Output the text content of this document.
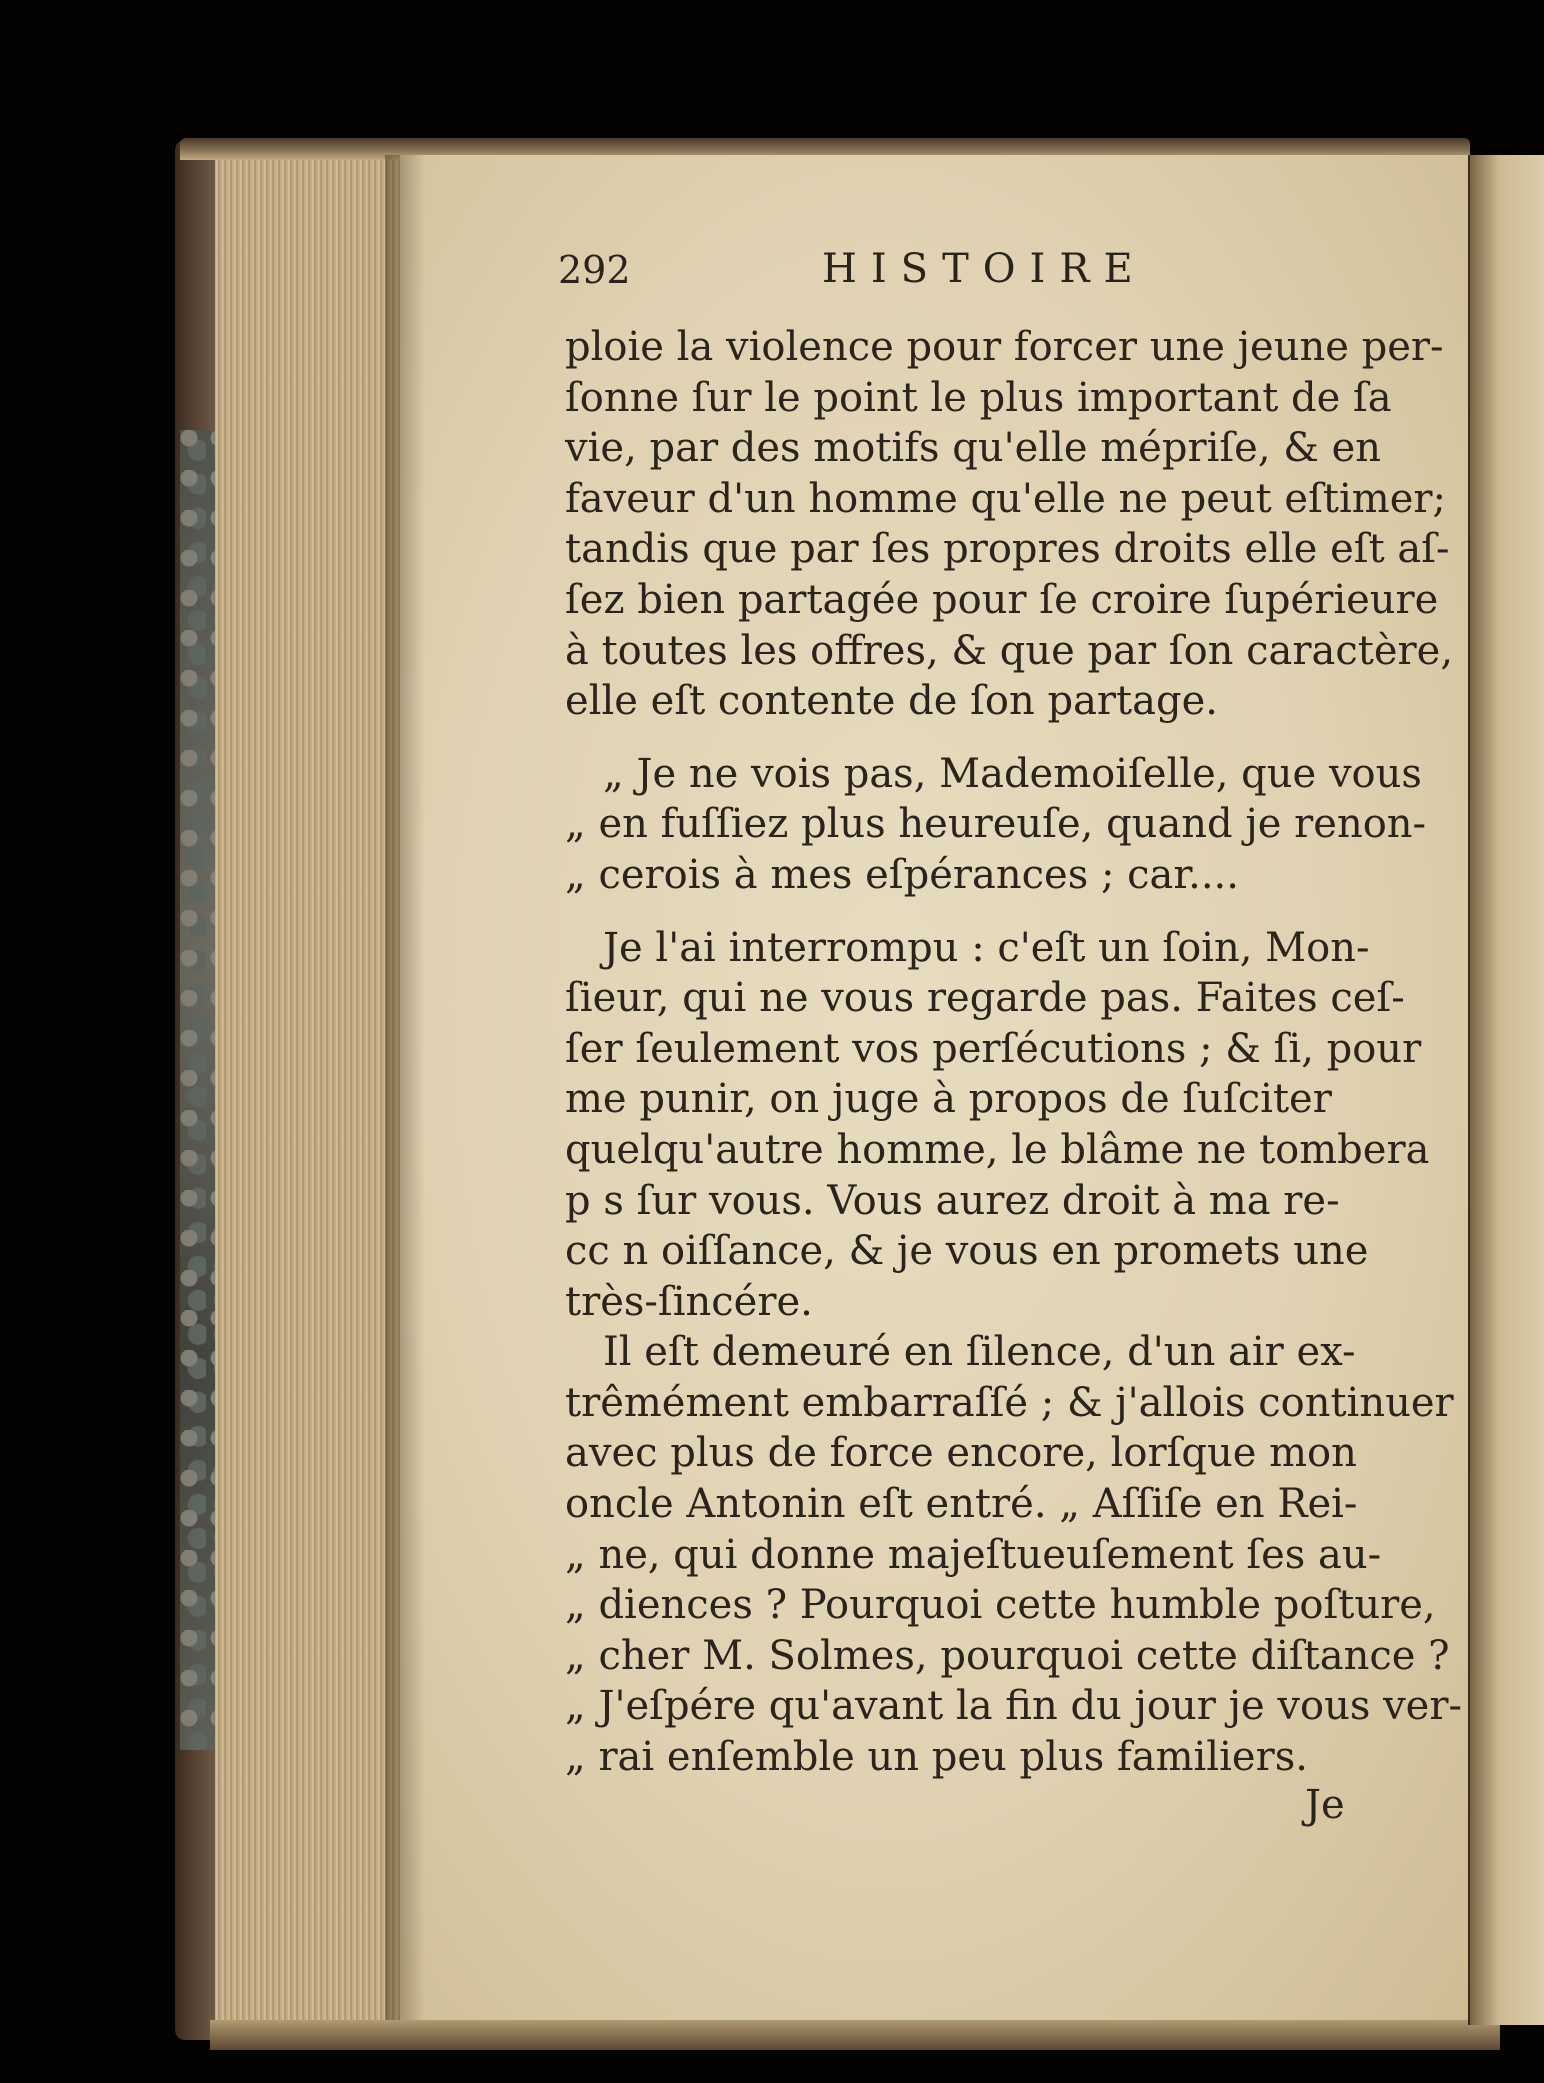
292	HISTOIRE
ploie la violence pour forcer une jeune per-
ſonne ſur le point le plus important de ſa
vie, par des motifs qu'elle mépriſe, & en
faveur d'un homme qu'elle ne peut eſtimer;
tandis que par ſes propres droits elle eſt aſ-
ſez bien partagée pour ſe croire ſupérieure
à toutes les offres, & que par ſon caractère,
elle eſt contente de ſon partage.
„ Je ne vois pas, Mademoiſelle, que vous
„ en fuſſiez plus heureuſe, quand je renon-
„ cerois à mes eſpérances ; car....
Je l'ai interrompu : c'eſt un ſoin, Mon-
ſieur, qui ne vous regarde pas. Faites ceſ-
ſer ſeulement vos perſécutions ; & ſi, pour
me punir, on juge à propos de ſuſciter
quelqu'autre homme, le blâme ne tombera
p s ſur vous. Vous aurez droit à ma re-
cc n oiſſance, & je vous en promets une
très-ſincére.
Il eſt demeuré en ſilence, d'un air ex-
trêmément embarraſſé ; & j'allois continuer
avec plus de force encore, lorſque mon
oncle Antonin eſt entré. „ Aſſiſe en Rei-
„ ne, qui donne majeſtueuſement ſes au-
„ diences ? Pourquoi cette humble poſture,
„ cher M. Solmes, pourquoi cette diſtance ?
„ J'eſpére qu'avant la fin du jour je vous ver-
„ rai enſemble un peu plus familiers.
Je
